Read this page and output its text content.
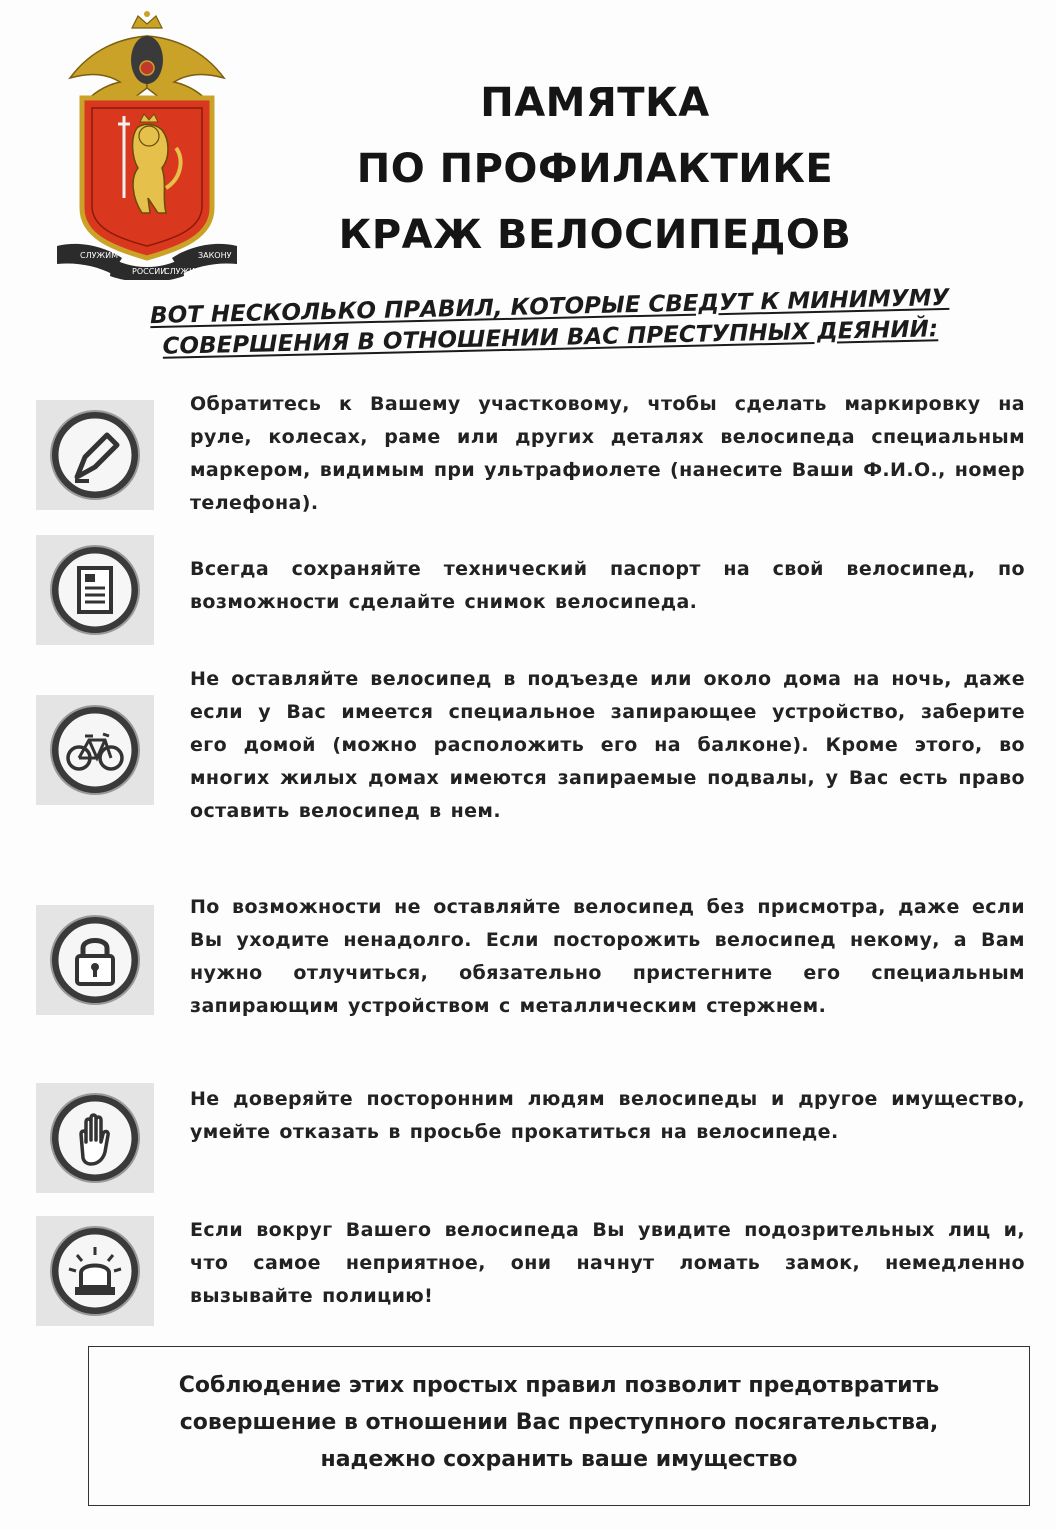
СЛУЖИМ
РОССИИ
СЛУЖИМ
ЗАКОНУ
ПАМЯТКА
ПО ПРОФИЛАКТИКЕ
КРАЖ ВЕЛОСИПЕДОВ
ВОТ НЕСКОЛЬКО ПРАВИЛ, КОТОРЫЕ СВЕДУТ К МИНИМУМУ
СОВЕРШЕНИЯ В ОТНОШЕНИИ ВАС ПРЕСТУПНЫХ ДЕЯНИЙ:
Обратитесь к Вашему участковому, чтобы сделать маркировку на руле, колесах, раме или других деталях велосипеда специальным маркером, видимым при ультрафиолете (нанесите Ваши Ф.И.О., номер телефона).
Всегда сохраняйте технический паспорт на свой велосипед, по возможности сделайте снимок велосипеда.
Не оставляйте велосипед в подъезде или около дома на ночь, даже если у Вас имеется специальное запирающее устройство, заберите его домой (можно расположить его на балконе). Кроме этого, во многих жилых домах имеются запираемые подвалы, у Вас есть право оставить велосипед в нем.
По возможности не оставляйте велосипед без присмотра, даже если Вы уходите ненадолго. Если посторожить велосипед некому, а Вам нужно отлучиться, обязательно пристегните его специальным запирающим устройством с металлическим стержнем.
Не доверяйте посторонним людям велосипеды и другое имущество, умейте отказать в просьбе прокатиться на велосипеде.
Если вокруг Вашего велосипеда Вы увидите подозрительных лиц и, что самое неприятное, они начнут ломать замок, немедленно вызывайте полицию!
Соблюдение этих простых правил позволит предотвратить
совершение в отношении Вас преступного посягательства,
надежно сохранить ваше имущество
